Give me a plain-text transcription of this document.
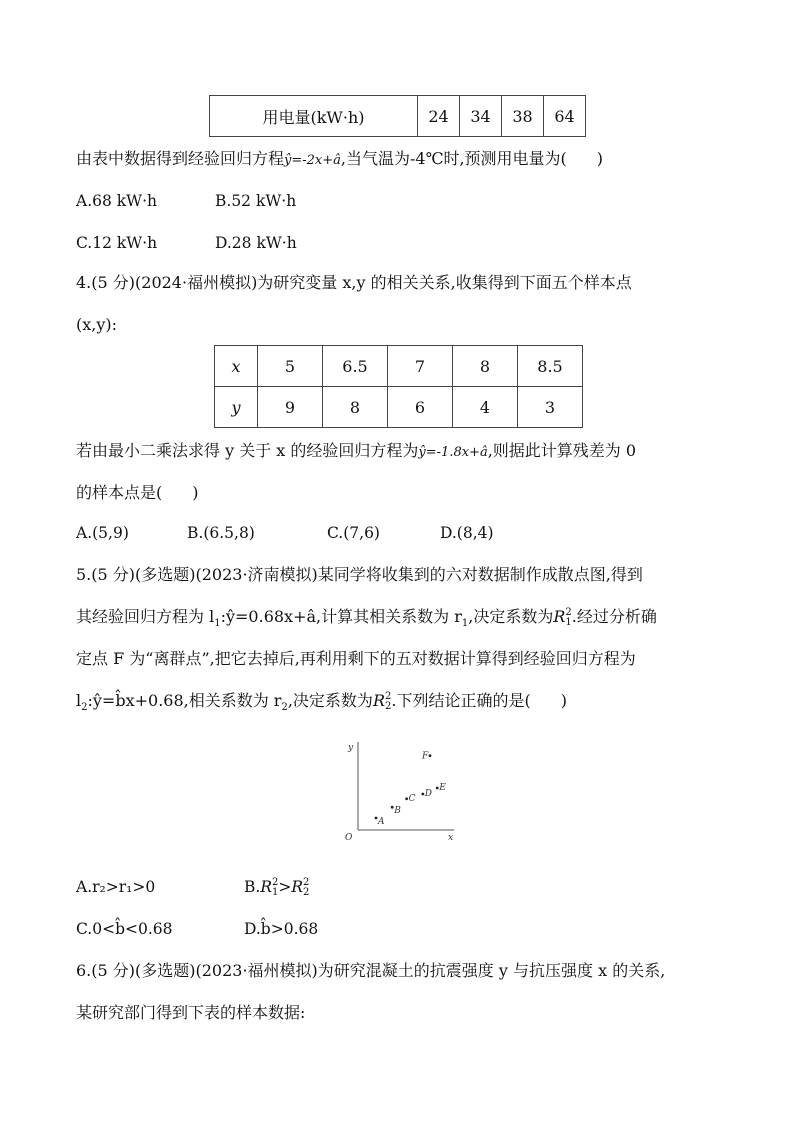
用电量(kW·h)	24	34	38	64
由表中数据得到经验回归方程ŷ=-2x+â,当气温为-4℃时,预测用电量为( )
A.68 kW·h	B.52 kW·h
C.12 kW·h	D.28 kW·h
4.(5 分)(2024·福州模拟)为研究变量 x,y 的相关关系,收集得到下面五个样本点
(x,y):
x	5	6.5	7	8	8.5
y	9	8	6	4	3
若由最小二乘法求得 y 关于 x 的经验回归方程为ŷ=-1.8x+â,则据此计算残差为 0
的样本点是( )
A.(5,9)	B.(6.5,8)	C.(7,6)	D.(8,4)
5.(5 分)(多选题)(2023·济南模拟)某同学将收集到的六对数据制作成散点图,得到
其经验回归方程为 $l_1:ŷ=0.68x+â$,计算其相关系数为 $r_1$,决定系数为R 2
1 .经过分析确
定点 F 为“离群点”,把它去掉后,再利用剩下的五对数据计算得到经验回归方程为
$l_2:ŷ=b̂x+0.68$,相关系数为 $r_2$,决定系数为R 2
2 .下列结论正确的是( )
y
x
O
A
B
C D
E
F
A.r₂>r₁>0	B.R 2
1 >R 2
2
C.0<b̂<0.68	D.b̂>0.68
6.(5 分)(多选题)(2023·福州模拟)为研究混凝土的抗震强度 y 与抗压强度 x 的关系,
某研究部门得到下表的样本数据:
